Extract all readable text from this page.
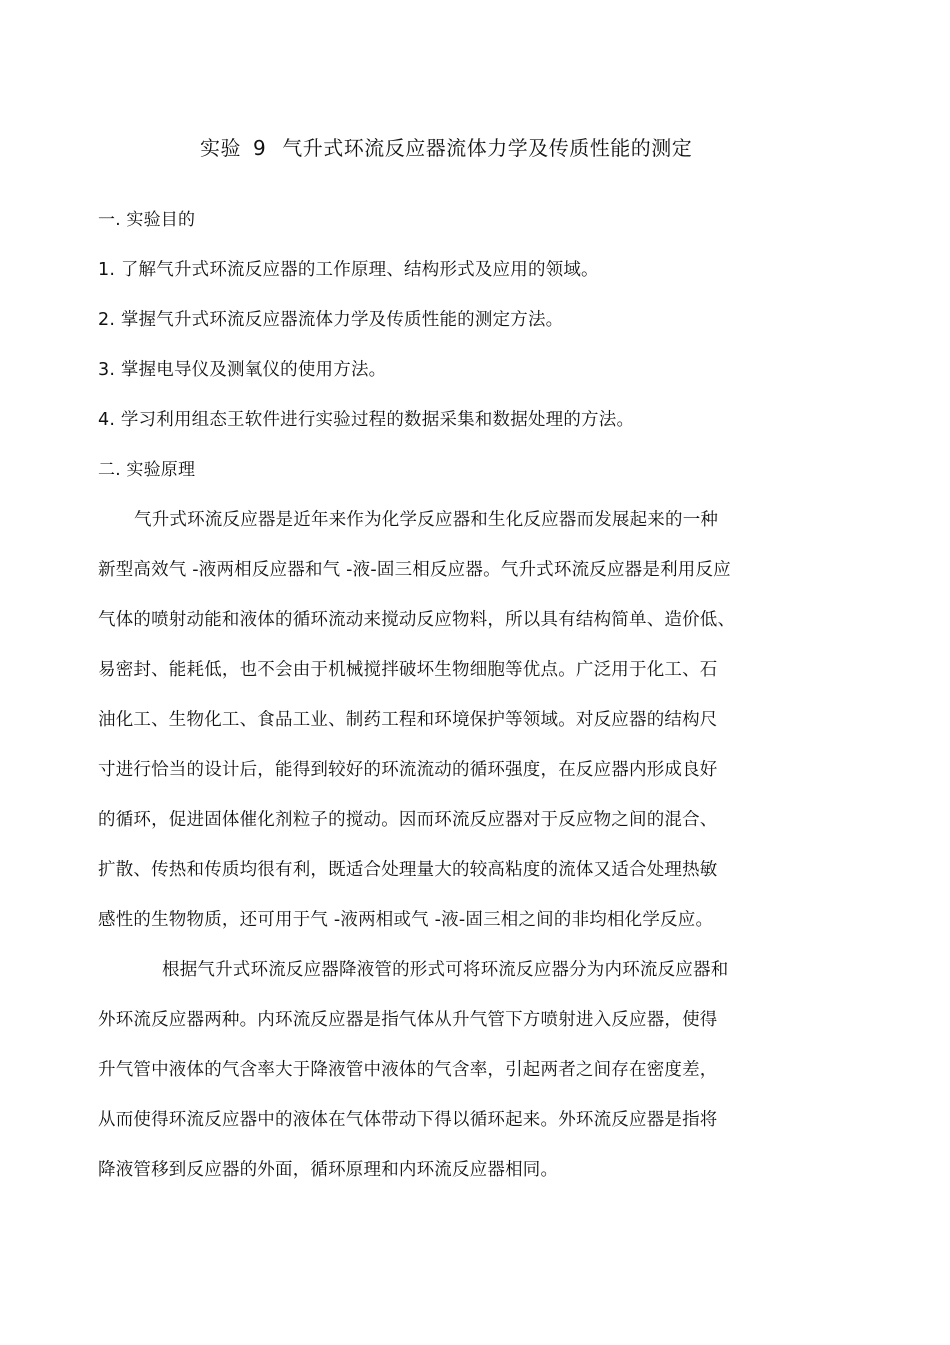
实验 9 气升式环流反应器流体力学及传质性能的测定
一. 实验目的
1. 了解气升式环流反应器的工作原理、结构形式及应用的领域。
2. 掌握气升式环流反应器流体力学及传质性能的测定方法。
3. 掌握电导仪及测氧仪的使用方法。
4. 学习利用组态王软件进行实验过程的数据采集和数据处理的方法。
二. 实验原理
气升式环流反应器是近年来作为化学反应器和生化反应器而发展起来的一种
新型高效气 -液两相反应器和气 -液-固三相反应器。气升式环流反应器是利用反应
气体的喷射动能和液体的循环流动来搅动反应物料，所以具有结构简单、造价低、
易密封、能耗低，也不会由于机械搅拌破坏生物细胞等优点。广泛用于化工、石
油化工、生物化工、食品工业、制药工程和环境保护等领域。对反应器的结构尺
寸进行恰当的设计后，能得到较好的环流流动的循环强度，在反应器内形成良好
的循环，促进固体催化剂粒子的搅动。因而环流反应器对于反应物之间的混合、
扩散、传热和传质均很有利，既适合处理量大的较高粘度的流体又适合处理热敏
感性的生物物质，还可用于气 -液两相或气 -液-固三相之间的非均相化学反应。
根据气升式环流反应器降液管的形式可将环流反应器分为内环流反应器和
外环流反应器两种。内环流反应器是指气体从升气管下方喷射进入反应器，使得
升气管中液体的气含率大于降液管中液体的气含率，引起两者之间存在密度差，
从而使得环流反应器中的液体在气体带动下得以循环起来。外环流反应器是指将
降液管移到反应器的外面，循环原理和内环流反应器相同。
